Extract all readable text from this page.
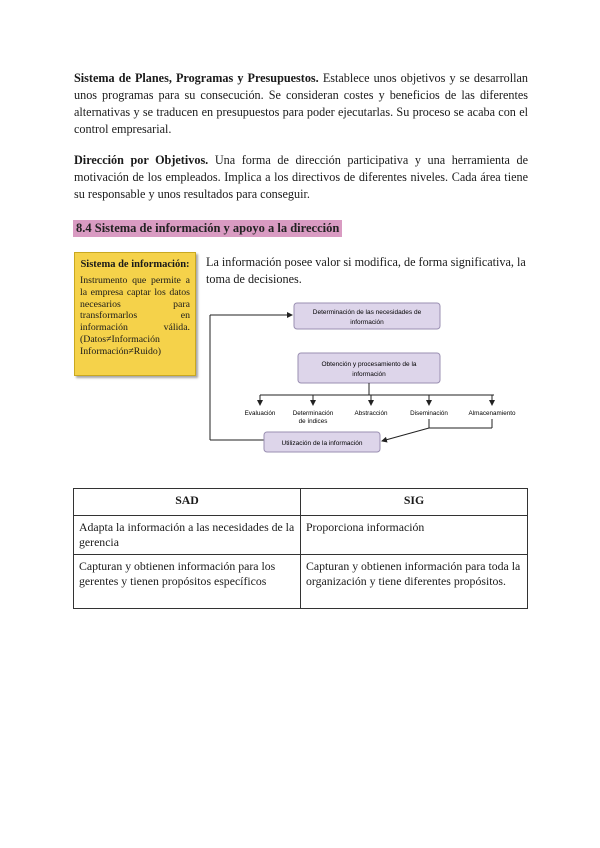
Sistema de Planes, Programas y Presupuestos. Establece unos objetivos y se desarrollan unos programas para su consecución. Se consideran costes y beneficios de las diferentes alternativas y se traducen en presupuestos para poder ejecutarlas. Su proceso se acaba con el control empresarial.
Dirección por Objetivos. Una forma de dirección participativa y una herramienta de motivación de los empleados. Implica a los directivos de diferentes niveles. Cada área tiene su responsable y unos resultados para conseguir.
8.4 Sistema de información y apoyo a la dirección
Sistema de información:
Instrumento que permite a la empresa captar los datos necesarios para transformarlos en información válida. (Datos≠Información Información≠Ruido)
La información posee valor si modifica, de forma significativa, la toma de decisiones.
Determinación de las necesidades de
información
Obtención y procesamiento de la
información
Evaluación	Determinación
de índices
Abstracción	Diseminación	Almacenamiento
Utilización de la información
SAD	SIG
Adapta la información a las necesidades de la gerencia	Proporciona información
Capturan y obtienen información para los gerentes y tienen propósitos específicos	Capturan y obtienen información para toda la organización y tiene diferentes propósitos.
